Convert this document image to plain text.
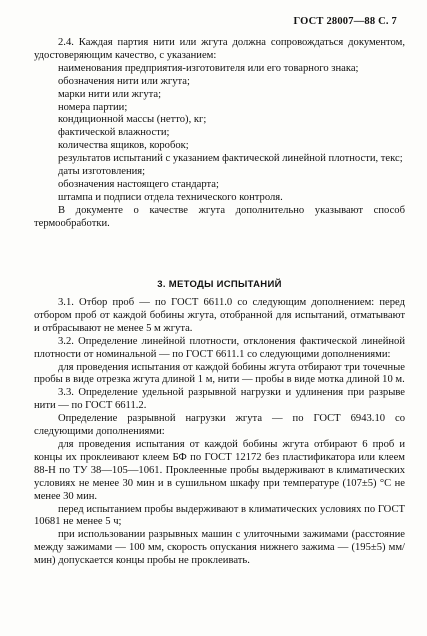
ГОСТ 28007—88 С. 7

2.4. Каждая партия нити или жгута должна сопровождаться документом, удостоверяющим качество, с указанием:

наименования предприятия-изготовителя или его товарного знака;

обозначения нити или жгута;

марки нити или жгута;

номера партии;

кондиционной массы (нетто), кг;

фактической влажности;

количества ящиков, коробок;

результатов испытаний с указанием фактической линейной плотности, текс;

даты изготовления;

обозначения настоящего стандарта;

штампа и подписи отдела технического контроля.

В документе о качестве жгута дополнительно указывают способ термообработки.

3. МЕТОДЫ ИСПЫТАНИЙ

3.1. Отбор проб — по ГОСТ 6611.0 со следующим дополнением: перед отбором проб от каждой бобины жгута, отобранной для испытаний, отматывают и отбрасывают не менее 5 м жгута.

3.2. Определение линейной плотности, отклонения фактической линейной плотности от номинальной — по ГОСТ 6611.1 со следующими дополнениями:

для проведения испытания от каждой бобины жгута отбирают три точечные пробы в виде отрезка жгута длиной 1 м, нити — пробы в виде мотка длиной 10 м.

3.3. Определение удельной разрывной нагрузки и удлинения при разрыве нити — по ГОСТ 6611.2.

Определение разрывной нагрузки жгута — по ГОСТ 6943.10 со следующими дополнениями:

для проведения испытания от каждой бобины жгута отбирают 6 проб и концы их проклеивают клеем БФ по ГОСТ 12172 без пластификатора или клеем 88-Н по ТУ 38—105—1061. Проклеенные пробы выдерживают в климатических условиях не менее 30 мин и в сушильном шкафу при температуре (107±5) °С не менее 30 мин.

перед испытанием пробы выдерживают в климатических условиях по ГОСТ 10681 не менее 5 ч;

при использовании разрывных машин с улиточными зажимами (расстояние между зажимами — 100 мм, скорость опускания нижнего зажима — (195±5) мм/мин) допускается концы пробы не проклеивать.
